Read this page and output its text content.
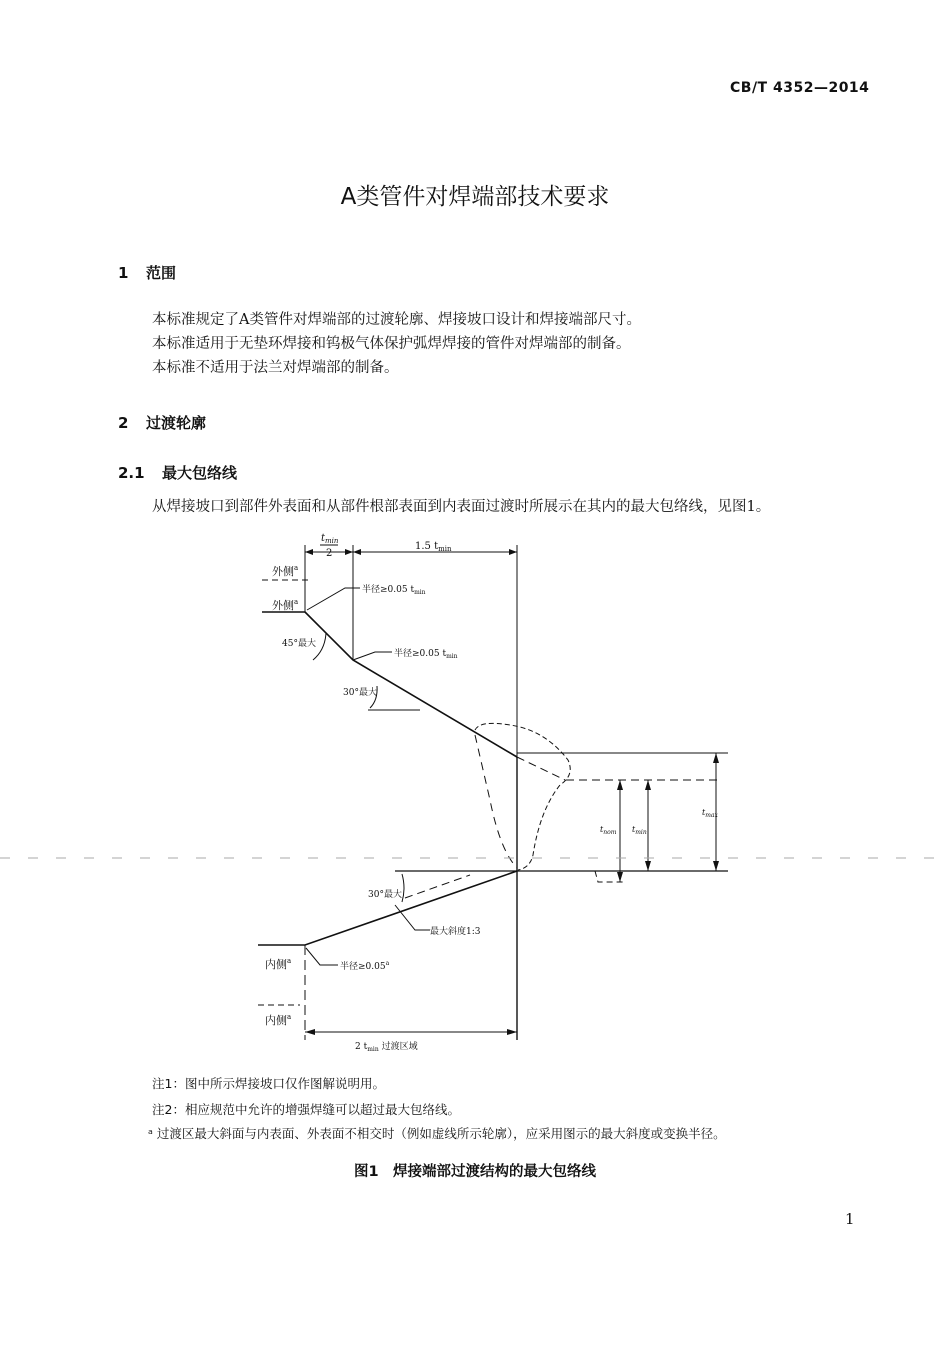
CB/T 4352—2014
A类管件对焊端部技术要求
1 范围

本标准规定了A类管件对焊端部的过渡轮廓、焊接坡口设计和焊接端部尺寸。

本标准适用于无垫环焊接和钨极气体保护弧焊焊接的管件对焊端部的制备。

本标准不适用于法兰对焊端部的制备。

2 过渡轮廓
2.1 最大包络线

从焊接坡口到部件外表面和从部件根部表面到内表面过渡时所展示在其内的最大包络线，见图1。

$t_{min}$
2
1.5 $t_{min}$
外侧$^a$
外侧$^a$
半径≥0.05 $t_{min}$
半径≥0.05 $t_{min}$
45°最大
30°最大
30°最大
最大斜度1:3
半径≥0.05$^a$
$t_{nom}$ $t_{min}$
$t_{max}$
内侧$^a$
内侧$^a$
2 $t_{min}$ 过渡区域
注1：图中所示焊接坡口仅作图解说明用。
注2：相应规范中允许的增强焊缝可以超过最大包络线。
ᵃ 过渡区最大斜面与内表面、外表面不相交时（例如虚线所示轮廓），应采用图示的最大斜度或变换半径。
图1　焊接端部过渡结构的最大包络线
1
